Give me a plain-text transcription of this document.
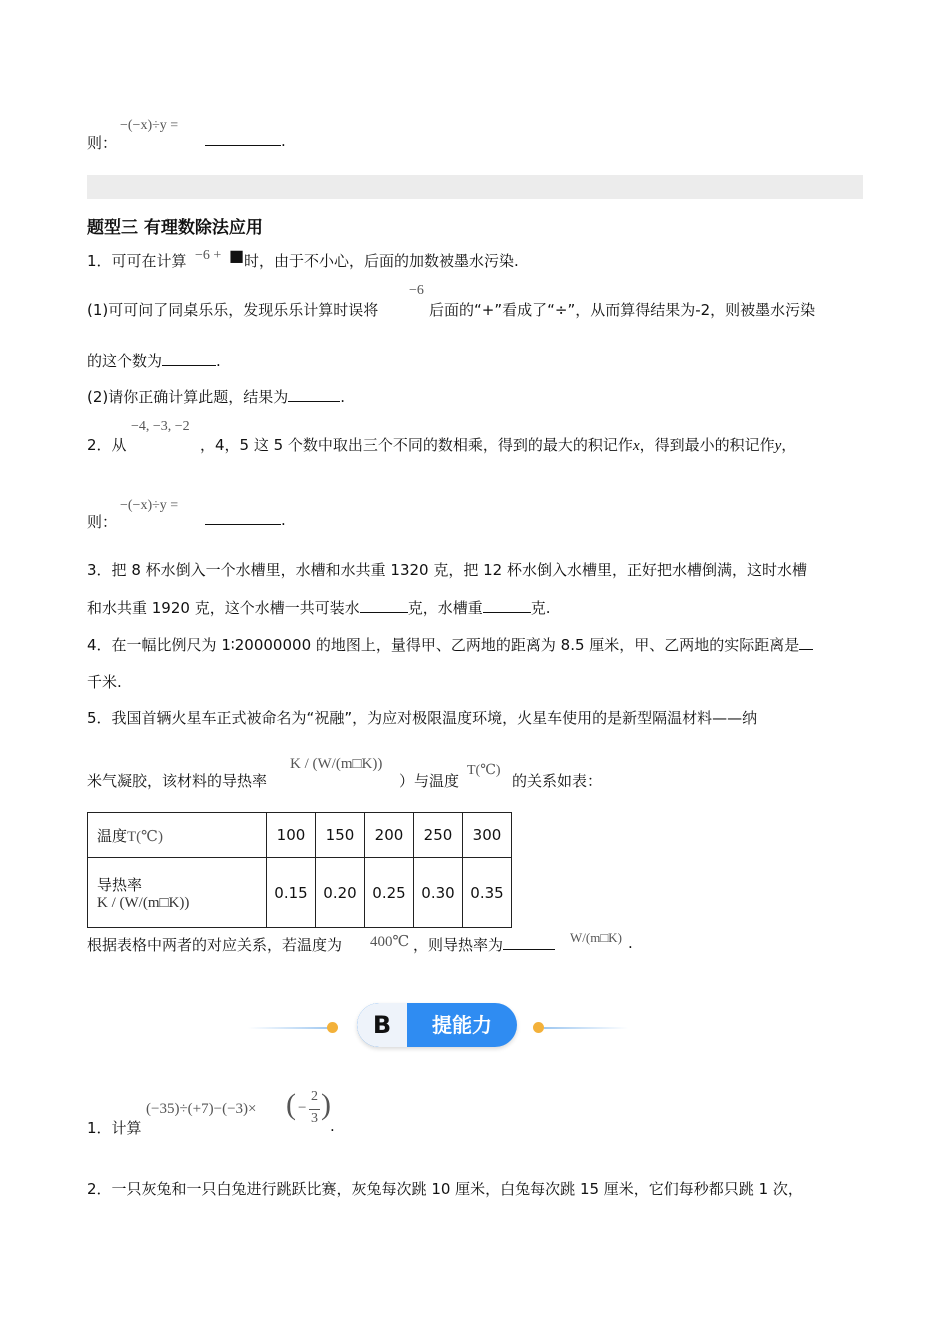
则：
−(−x)÷y =
.
题型三 有理数除法应用
1．可可在计算 −6 + ■ 时，由于不小心，后面的加数被墨水污染.
(1)可可问了同桌乐乐，发现乐乐计算时误将
−6
后面的“+”看成了“÷”，从而算得结果为-2，则被墨水污染
的这个数为	.
(2)请你正确计算此题，结果为	.
2．从
−4, −3, −2
，4，5 这 5 个数中取出三个不同的数相乘，得到的最大的积记作x，得到最小的积记作y，
则：
−(−x)÷y =
.
3．把 8 杯水倒入一个水槽里，水槽和水共重 1320 克，把 12 杯水倒入水槽里，正好把水槽倒满，这时水槽
和水共重 1920 克，这个水槽一共可装水	克，水槽重	克.
4．在一幅比例尺为 1∶20000000 的地图上，量得甲、乙两地的距离为 8.5 厘米，甲、乙两地的实际距离是
千米.
5．我国首辆火星车正式被命名为“祝融”，为应对极限温度环境，火星车使用的是新型隔温材料——纳
米气凝胶，该材料的导热率
K / (W/(m□K))
）与温度
T(℃)
的关系如表：
温度T(℃)	100	150	200	250	300

导热率
K / (W/(m□K))	0.15	0.20	0.25	0.30	0.35
根据表格中两者的对应关系，若温度为 400℃ ，则导热率为	W/(m□K) .
B	提能力
1．计算
(−35)÷(+7)−(−3)× ( −
2
3 )
.
2．一只灰兔和一只白兔进行跳跃比赛，灰兔每次跳 10 厘米，白兔每次跳 15 厘米，它们每秒都只跳 1 次，
